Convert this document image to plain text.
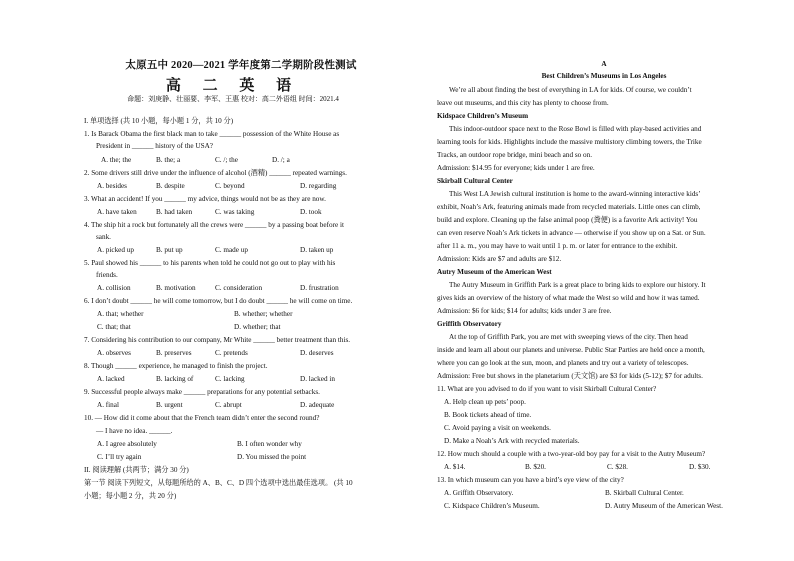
太原五中 2020—2021 学年度第二学期阶段性测试
高 二 英 语
命题：刘庚静、壮丽要、李军、王惠 校对：高二外语组 时间：2021.4
I. 单项选择 (共 10 小题，每小题 1 分，共 10 分)
1. Is Barack Obama the first black man to take ______ possession of the White House as
President in ______ history of the USA?
A. the; the	B. the; a	C. /; the	D. /; a
2. Some drivers still drive under the influence of alcohol (酒精) ______ repeated warnings.
A. besides	B. despite	C. beyond	D. regarding
3. What an accident! If you ______ my advice, things would not be as they are now.
A. have taken	B. had taken	C. was taking	D. took
4. The ship hit a rock but fortunately all the crews were ______ by a passing boat before it
sank.
A. picked up	B. put up	C. made up	D. taken up
5. Paul showed his ______ to his parents when told he could not go out to play with his
friends.
A. collision	B. motivation	C. consideration	D. frustration
6. I don’t doubt ______ he will come tomorrow, but I do doubt ______ he will come on time.
A. that; whether	B. whether; whether
C. that; that	D. whether; that
7. Considering his contribution to our company, Mr White ______ better treatment than this.
A. observes	B. preserves	C. pretends	D. deserves
8. Though ______ experience, he managed to finish the project.
A. lacked	B. lacking of	C. lacking	D. lacked in
9. Successful people always make ______ preparations for any potential setbacks.
A. final	B. urgent	C. abrupt	D. adequate
10. — How did it come about that the French team didn’t enter the second round?
— I have no idea. ______.
A. I agree absolutely	B. I often wonder why
C. I’ll try again	D. You missed the point
II. 阅读理解 (共两节；满分 30 分)
第一节 阅读下列短文，从每题所给的 A、B、C、D 四个选项中选出最佳选项。 (共 10
小题；每小题 2 分，共 20 分)
A
Best Children’s Museums in Los Angeles
We’re all about finding the best of everything in LA for kids. Of course, we couldn’t
leave out museums, and this city has plenty to choose from.
Kidspace Children’s Museum
This indoor-outdoor space next to the Rose Bowl is filled with play-based activities and
learning tools for kids. Highlights include the massive multistory climbing towers, the Trike
Tracks, an outdoor rope bridge, mini beach and so on.
Admission: $14.95 for everyone; kids under 1 are free.
Skirball Cultural Center
This West LA Jewish cultural institution is home to the award-winning interactive kids’
exhibit, Noah’s Ark, featuring animals made from recycled materials. Little ones can climb,
build and explore. Cleaning up the false animal poop (粪便) is a favorite Ark activity! You
can even reserve Noah’s Ark tickets in advance — otherwise if you show up on a Sat. or Sun.
after 11 a. m., you may have to wait until 1 p. m. or later for entrance to the exhibit.
Admission: Kids are $7 and adults are $12.
Autry Museum of the American West
The Autry Museum in Griffith Park is a great place to bring kids to explore our history. It
gives kids an overview of the history of what made the West so wild and how it was tamed.
Admission: $6 for kids; $14 for adults; kids under 3 are free.
Griffith Observatory
At the top of Griffith Park, you are met with sweeping views of the city. Then head
inside and learn all about our planets and universe. Public Star Parties are held once a month,
where you can go look at the sun, moon, and planets and try out a variety of telescopes.
Admission: Free but shows in the planetarium (天文馆) are $3 for kids (5-12); $7 for adults.
11. What are you advised to do if you want to visit Skirball Cultural Center?
A. Help clean up pets’ poop.
B. Book tickets ahead of time.
C. Avoid paying a visit on weekends.
D. Make a Noah’s Ark with recycled materials.
12. How much should a couple with a two-year-old boy pay for a visit to the Autry Museum?
A. $14.	B. $20.	C. $28.	D. $30.
13. In which museum can you have a bird’s eye view of the city?
A. Griffith Observatory.	B. Skirball Cultural Center.
C. Kidspace Children’s Museum.	D. Autry Museum of the American West.
